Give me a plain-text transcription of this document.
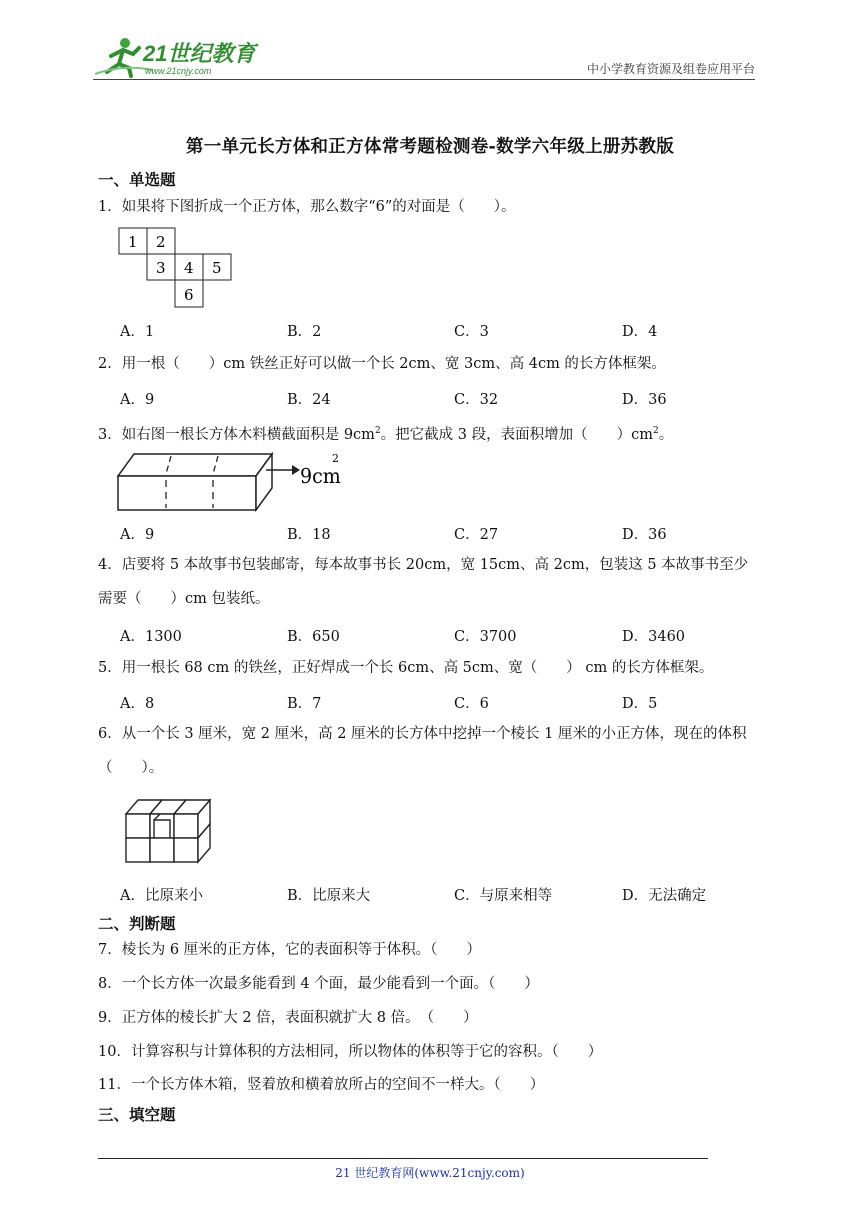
21世纪教育
www.21cnjy.com	中小学教育资源及组卷应用平台
第一单元长方体和正方体常考题检测卷-数学六年级上册苏教版
一、单选题
1．如果将下图折成一个正方体，那么数字“6”的对面是（　　）。
1 2
3 4 5
6
A．1	B．2	C．3	D．4
2．用一根（　　）cm 铁丝正好可以做一个长 2cm、宽 3cm、高 4cm 的长方体框架。
A．9	B．24	C．32	D．36
3．如右图一根长方体木料横截面积是 $9cm^2$。把它截成 3 段，表面积增加（　　）$cm^2$。
9cm
2
A．9	B．18	C．27	D．36
4．店要将 5 本故事书包装邮寄，每本故事书长 20cm，宽 15cm、高 2cm，包装这 5 本故事书至少需要（　　）cm 包装纸。
A．1300	B．650	C．3700	D．3460
5．用一根长 68 cm 的铁丝，正好焊成一个长 6cm、高 5cm、宽（　　） cm 的长方体框架。
A．8	B．7	C．6	D．5
6．从一个长 3 厘米，宽 2 厘米，高 2 厘米的长方体中挖掉一个棱长 1 厘米的小正方体，现在的体积（　　）。
A．比原来小	B．比原来大	C．与原来相等	D．无法确定
二、判断题
7．棱长为 6 厘米的正方体，它的表面积等于体积。（　　）
8．一个长方体一次最多能看到 4 个面，最少能看到一个面。（　　）
9．正方体的棱长扩大 2 倍，表面积就扩大 8 倍。　（　　）
10．计算容积与计算体积的方法相同，所以物体的体积等于它的容积。（　　）
11．一个长方体木箱，竖着放和横着放所占的空间不一样大。（　　）
三、填空题
21 世纪教育网(www.21cnjy.com)
